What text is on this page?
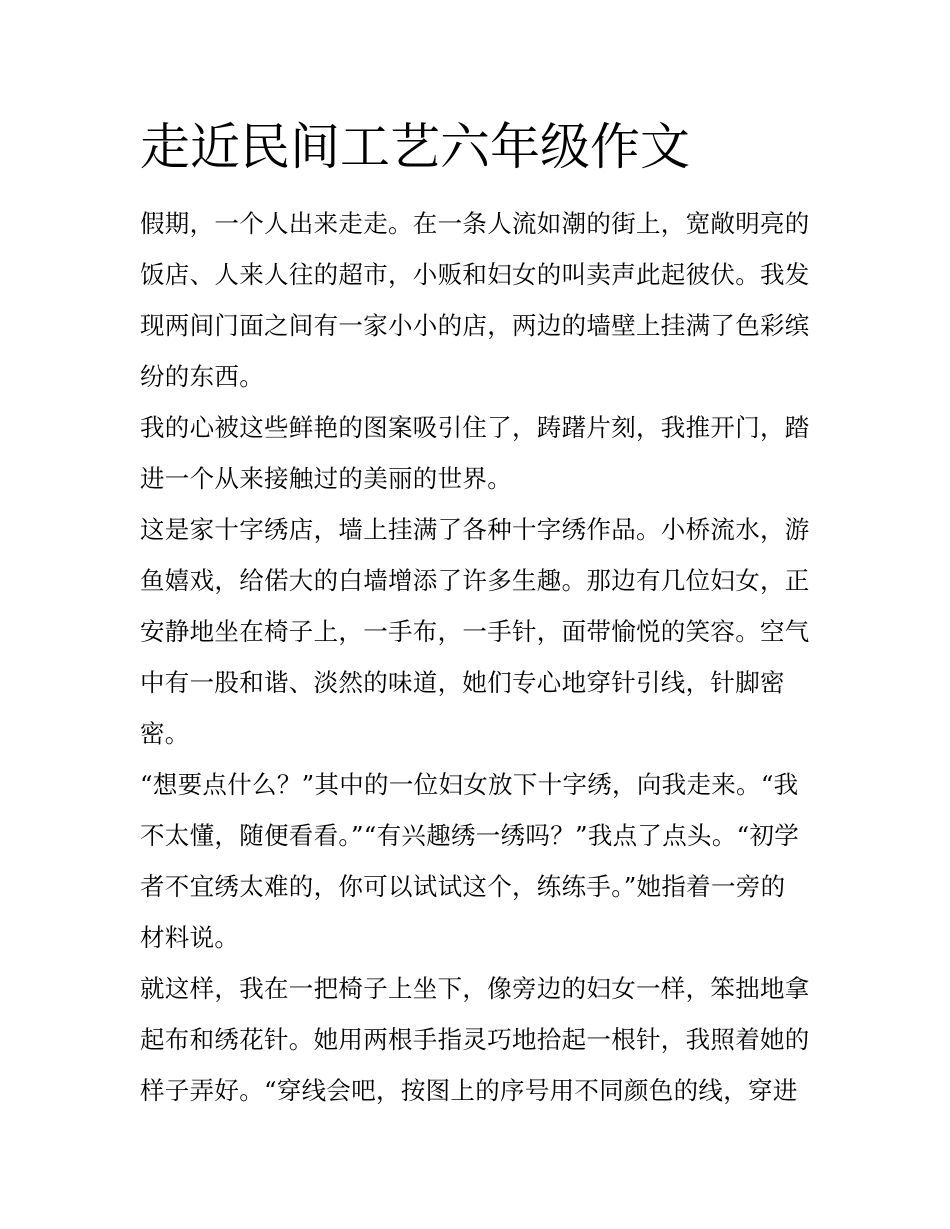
走近民间工艺六年级作文
假期，一个人出来走走。在一条人流如潮的街上，宽敞明亮的
饭店、人来人往的超市，小贩和妇女的叫卖声此起彼伏。我发
现两间门面之间有一家小小的店，两边的墙壁上挂满了色彩缤
纷的东西。
我的心被这些鲜艳的图案吸引住了，踌躇片刻，我推开门，踏
进一个从来接触过的美丽的世界。
这是家十字绣店，墙上挂满了各种十字绣作品。小桥流水，游
鱼嬉戏，给偌大的白墙增添了许多生趣。那边有几位妇女，正
安静地坐在椅子上，一手布，一手针，面带愉悦的笑容。空气
中有一股和谐、淡然的味道，她们专心地穿针引线，针脚密
密。
“想要点什么？”其中的一位妇女放下十字绣，向我走来。“我
不太懂，随便看看。”“有兴趣绣一绣吗？”我点了点头。“初学
者不宜绣太难的，你可以试试这个，练练手。”她指着一旁的
材料说。
就这样，我在一把椅子上坐下，像旁边的妇女一样，笨拙地拿
起布和绣花针。她用两根手指灵巧地拾起一根针，我照着她的
样子弄好。“穿线会吧，按图上的序号用不同颜色的线，穿进
